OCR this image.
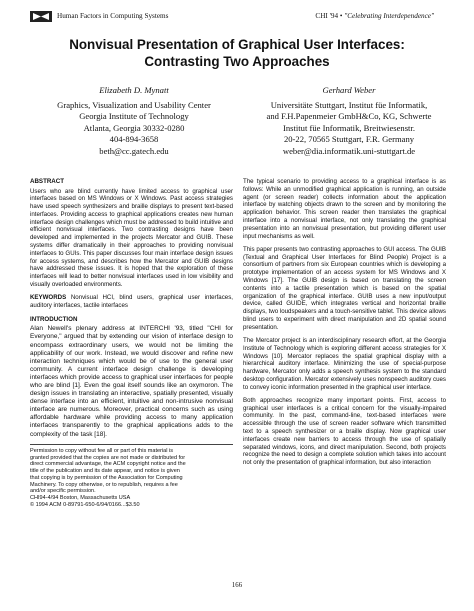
Human Factors in Computing Systems	CHI '94 • "Celebrating Interdependence"
Nonvisual Presentation of Graphical User Interfaces:
Contrasting Two Approaches
Elizabeth D. Mynatt
Graphics, Visualization and Usability Center
Georgia Institute of Technology
Atlanta, Georgia 30332-0280
404-894-3658
beth@cc.gatech.edu
Gerhard Weber
Universitäte Stuttgart, Institut füe Informatik,
and F.H.Papenmeier GmbH&Co, KG, Schwerte
Institut füe Informatik, Breitwiesenstr.
20-22, 70565 Stuttgart, F.R. Germany
weber@dia.informatik.uni-stuttgart.de
ABSTRACT

Users who are blind currently have limited access to graphical user interfaces based on MS Windows or X Windows. Past access strategies have used speech synthesizers and braille displays to present text-based interfaces. Providing access to graphical applications creates new human interface design challenges which must be addressed to build intuitive and efficient nonvisual interfaces. Two contrasting designs have been developed and implemented in the projects Mercator and GUIB. These systems differ dramatically in their approaches to providing nonvisual interfaces to GUIs. This paper discusses four main interface design issues for access systems, and describes how the Mercator and GUIB designs have addressed these issues. It is hoped that the exploration of these interfaces will lead to better nonvisual interfaces used in low visibility and visually overloaded environments.

KEYWORDS Nonvisual HCI, blind users, graphical user interfaces, auditory interfaces, tactile interfaces

INTRODUCTION

Alan Newell's plenary address at INTERCHI '93, titled "CHI for Everyone," argued that by extending our vision of interface design to encompass extraordinary users, we would not be limiting the applicability of our work. Instead, we would discover and refine new interaction techniques which would be of use to the general user community. A current interface design challenge is developing interfaces which provide access to graphical user interfaces for people who are blind [1]. Even the goal itself sounds like an oxymoron. The design issues in translating an interactive, spatially presented, visually dense interface into an efficient, intuitive and non-intrusive nonvisual interface are numerous. Moreover, practical concerns such as using affordable hardware while providing access to many application interfaces transparently to the graphical applications adds to the complexity of the task [18].

Permission to copy without fee all or part of this material is
granted provided that the copies are not made or distributed for
direct commercial advantage, the ACM copyright notice and the
title of the publication and its date appear, and notice is given
that copying is by permission of the Association for Computing
Machinery. To copy otherwise, or to republish, requires a fee
and/or specific permission.
CHI94-4/94 Boston, Massachusetts USA
© 1994 ACM 0-89791-650-6/94/0166...$3.50

The typical scenario to providing access to a graphical interface is as follows: While an unmodified graphical application is running, an outside agent (or screen reader) collects information about the application interface by watching objects drawn to the screen and by monitoring the application behavior. This screen reader then translates the graphical interface into a nonvisual interface, not only translating the graphical presentation into an nonvisual presentation, but providing different user input mechanisms as well.

This paper presents two contrasting approaches to GUI access. The GUIB (Textual and Graphical User Interfaces for Blind People) Project is a consortium of partners from six European countries which is developing a prototype implementation of an access system for MS Windows and X Windows [17]. The GUIB design is based on translating the screen contents into a tactile presentation which is based on the spatial organization of the graphical interface. GUIB uses a new input/output device, called GUIDE, which integrates vertical and horizontal braille displays, two loudspeakers and a touch-sensitive tablet. This device allows blind users to experiment with direct manipulation and 2D spatial sound presentation.

The Mercator project is an interdisciplinary research effort, at the Georgia Institute of Technology which is exploring different access strategies for X Windows [10]. Mercator replaces the spatial graphical display with a hierarchical auditory interface. Minimizing the use of special-purpose hardware, Mercator only adds a speech synthesis system to the standard desktop configuration. Mercator extensively uses nonspeech auditory cues to convey iconic information presented in the graphical user interface.

Both approaches recognize many important points. First, access to graphical user interfaces is a critical concern for the visually-impaired community. In the past, command-line, text-based interfaces were accessible through the use of screen reader software which transmitted text to a speech synthesizer or a braille display. Now graphical user interfaces create new barriers to access through the use of spatially separated windows, icons, and direct manipulation. Second, both projects recognize the need to design a complete solution which takes into account not only the presentation of graphical information, but also interaction

166
